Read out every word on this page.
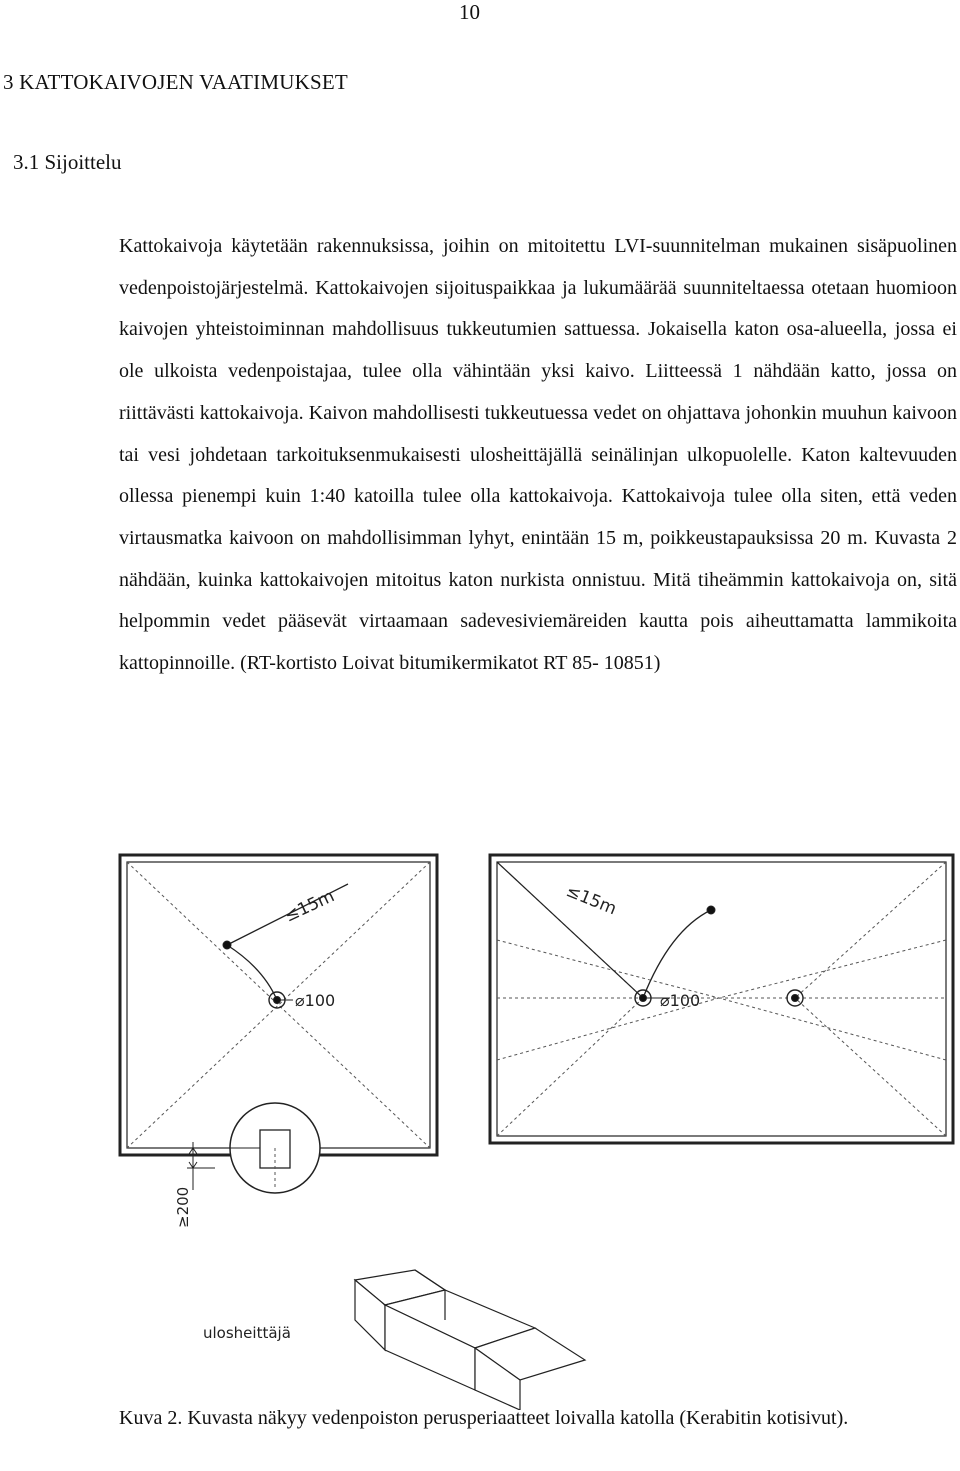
10
3 KATTOKAIVOJEN VAATIMUKSET
3.1 Sijoittelu

Kattokaivoja käytetään rakennuksissa, joihin on mitoitettu LVI-suunnitelman mukainen sisäpuolinen vedenpoistojärjestelmä. Kattokaivojen sijoituspaikkaa ja lukumäärää suunniteltaessa otetaan huomioon kaivojen yhteistoiminnan mahdollisuus tukkeutumien sattuessa. Jokaisella katon osa-alueella, jossa ei ole ulkoista vedenpoistajaa, tulee olla vähintään yksi kaivo. Liitteessä 1 nähdään katto, jossa on riittävästi kattokaivoja. Kaivon mahdollisesti tukkeutuessa vedet on ohjattava johonkin muuhun kaivoon tai vesi johdetaan tarkoituksenmukaisesti ulosheittäjällä seinälinjan ulkopuolelle. Katon kaltevuuden ollessa pienempi kuin 1:40 katoilla tulee olla kattokaivoja. Kattokaivoja tulee olla siten, että veden virtausmatka kaivoon on mahdollisimman lyhyt, enintään 15 m, poikkeustapauksissa 20 m. Kuvasta 2 nähdään, kuinka kattokaivojen mitoitus katon nurkista onnistuu. Mitä tiheämmin kattokaivoja on, sitä helpommin vedet pääsevät virtaamaan sadevesiviemäreiden kautta pois aiheuttamatta lammikoita kattopinnoille. (RT-kortisto Loivat bitumikermikatot RT 85- 10851)

≤15m
⌀100
≥200
ulosheittäjä
≤15m
⌀100

Kuva 2. Kuvasta näkyy vedenpoiston perusperiaatteet loivalla katolla (Kerabitin kotisivut).
